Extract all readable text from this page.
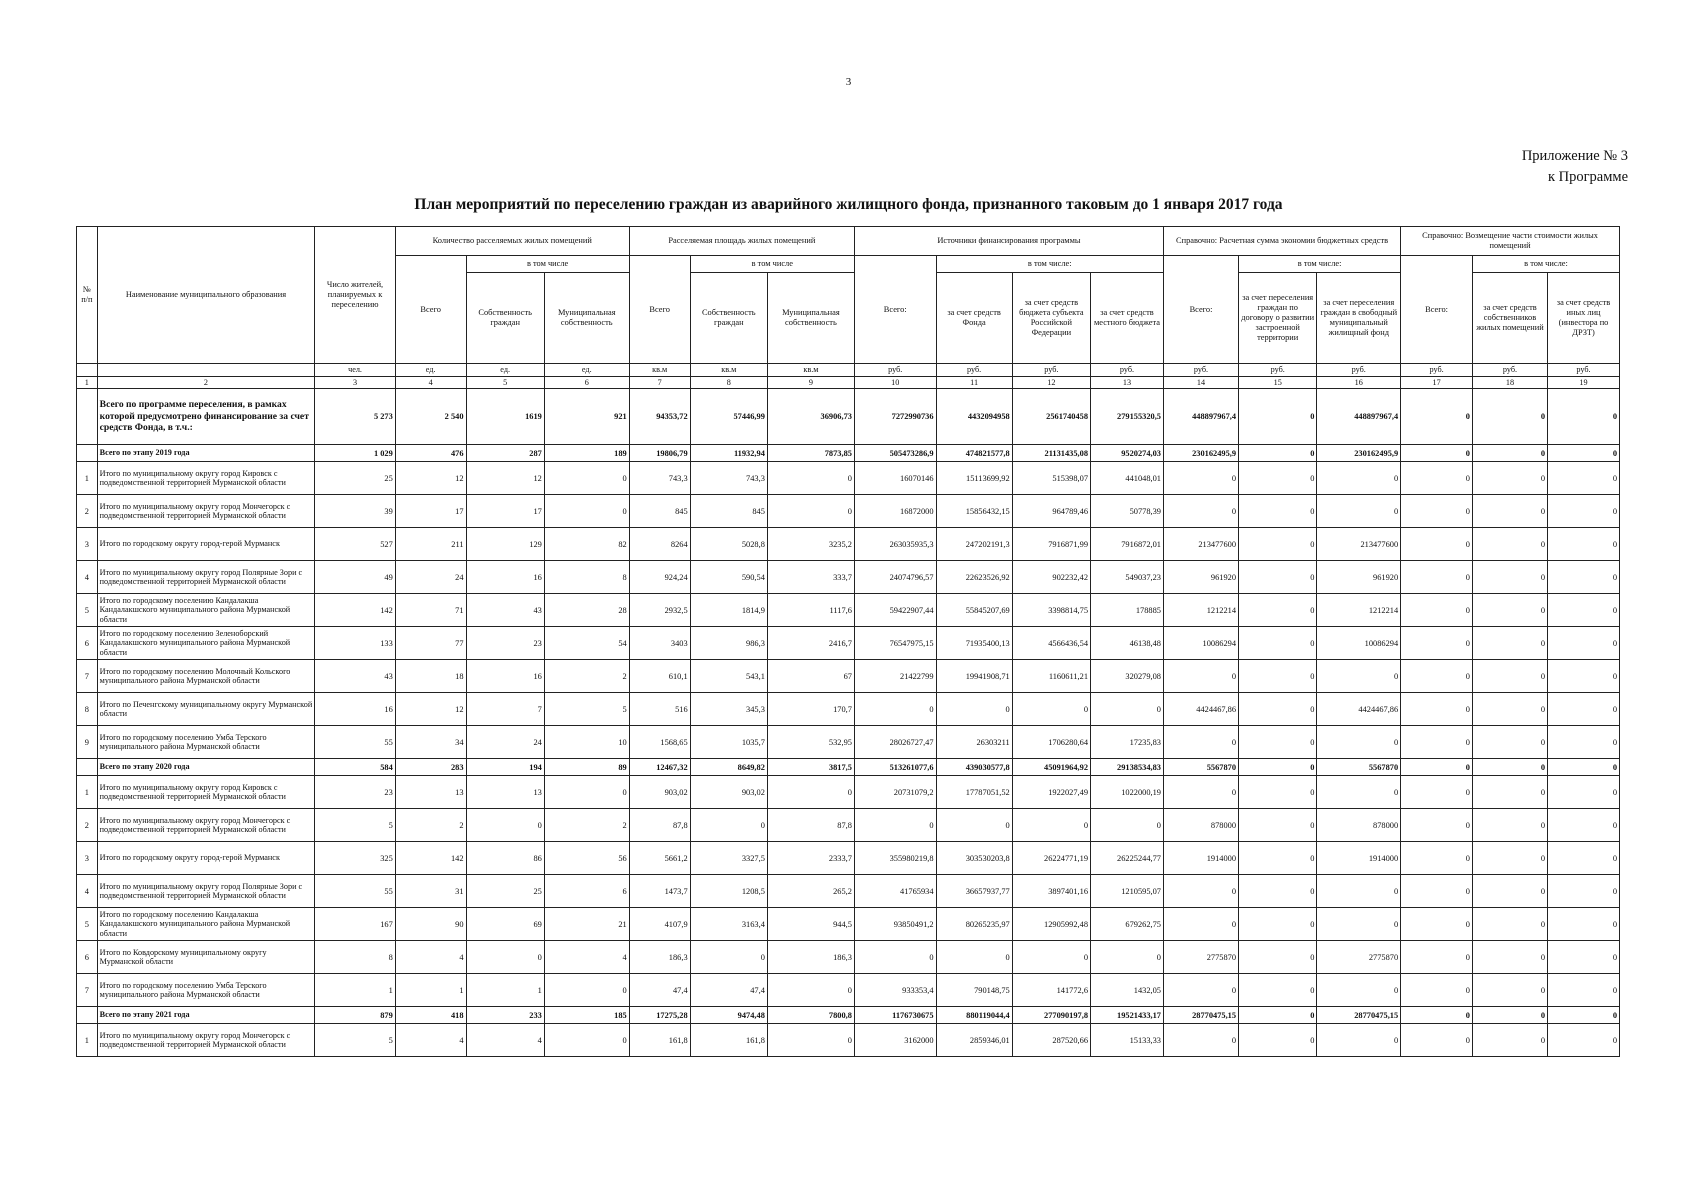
3
Приложение № 3
к Программе
План мероприятий по переселению граждан из аварийного жилищного фонда, признанного таковым до 1 января 2017 года
№ п/п	Наименование муниципального образования	Число жителей, планируемых к переселению	Количество расселяемых жилых помещений			Расселяемая площадь жилых помещений			Источники финансирования программы				Справочно: Расчетная сумма экономии бюджетных средств			Справочно: Возмещение части стоимости жилых помещений		
			Всего	в том числе		Всего	в том числе		Всего:	в том числе:			Всего:	в том числе:		Всего:	в том числе:	
				Собственность граждан	Муниципальная собственность		Собственность граждан	Муниципальная собственность		за счет средств Фонда	за счет средств бюджета субъекта Российской Федерации	за счет средств местного бюджета		за счет переселения граждан по договору о развитии застроенной территории	за счет переселения граждан в свободный муниципальный жилищный фонд		за счет средств собственников жилых помещений	за счет средств иных лиц (инвестора по ДРЗТ)
		чел.	ед.	ед.	ед.	кв.м	кв.м	кв.м	руб.	руб.	руб.	руб.	руб.	руб.	руб.	руб.	руб.	руб.
1	2	3	4	5	6	7	8	9	10	11	12	13	14	15	16	17	18	19
	Всего по программе переселения, в рамках которой предусмотрено финансирование за счет средств Фонда, в т.ч.:	5 273	2 540	1619	921	94353,72	57446,99	36906,73	7272990736	4432094958	2561740458	279155320,5	448897967,4	0	448897967,4	0	0	0
	Всего по этапу 2019 года	1 029	476	287	189	19806,79	11932,94	7873,85	505473286,9	474821577,8	21131435,08	9520274,03	230162495,9	0	230162495,9	0	0	0
1	Итого по муниципальному округу город Кировск с подведомственной территорией Мурманской области	25	12	12	0	743,3	743,3	0	16070146	15113699,92	515398,07	441048,01	0	0	0	0	0	0
2	Итого по муниципальному округу город Мончегорск с подведомственной территорией Мурманской области	39	17	17	0	845	845	0	16872000	15856432,15	964789,46	50778,39	0	0	0	0	0	0
3	Итого по городскому округу город-герой Мурманск	527	211	129	82	8264	5028,8	3235,2	263035935,3	247202191,3	7916871,99	7916872,01	213477600	0	213477600	0	0	0
4	Итого по муниципальному округу город Полярные Зори с подведомственной территорией Мурманской области	49	24	16	8	924,24	590,54	333,7	24074796,57	22623526,92	902232,42	549037,23	961920	0	961920	0	0	0
5	Итого по городскому поселению Кандалакша Кандалакшского муниципального района Мурманской области	142	71	43	28	2932,5	1814,9	1117,6	59422907,44	55845207,69	3398814,75	178885	1212214	0	1212214	0	0	0
6	Итого по городскому поселению Зеленоборский Кандалакшского муниципального района Мурманской области	133	77	23	54	3403	986,3	2416,7	76547975,15	71935400,13	4566436,54	46138,48	10086294	0	10086294	0	0	0
7	Итого по городскому поселению Молочный Кольского муниципального района Мурманской области	43	18	16	2	610,1	543,1	67	21422799	19941908,71	1160611,21	320279,08	0	0	0	0	0	0
8	Итого по Печенгскому муниципальному округу Мурманской области	16	12	7	5	516	345,3	170,7	0	0	0	0	4424467,86	0	4424467,86	0	0	0
9	Итого по городскому поселению Умба Терского муниципального района Мурманской области	55	34	24	10	1568,65	1035,7	532,95	28026727,47	26303211	1706280,64	17235,83	0	0	0	0	0	0
	Всего по этапу 2020 года	584	283	194	89	12467,32	8649,82	3817,5	513261077,6	439030577,8	45091964,92	29138534,83	5567870	0	5567870	0	0	0
1	Итого по муниципальному округу город Кировск с подведомственной территорией Мурманской области	23	13	13	0	903,02	903,02	0	20731079,2	17787051,52	1922027,49	1022000,19	0	0	0	0	0	0
2	Итого по муниципальному округу город Мончегорск с подведомственной территорией Мурманской области	5	2	0	2	87,8	0	87,8	0	0	0	0	878000	0	878000	0	0	0
3	Итого по городскому округу город-герой Мурманск	325	142	86	56	5661,2	3327,5	2333,7	355980219,8	303530203,8	26224771,19	26225244,77	1914000	0	1914000	0	0	0
4	Итого по муниципальному округу город Полярные Зори с подведомственной территорией Мурманской области	55	31	25	6	1473,7	1208,5	265,2	41765934	36657937,77	3897401,16	1210595,07	0	0	0	0	0	0
5	Итого по городскому поселению Кандалакша Кандалакшского муниципального района Мурманской области	167	90	69	21	4107,9	3163,4	944,5	93850491,2	80265235,97	12905992,48	679262,75	0	0	0	0	0	0
6	Итого по Ковдорскому муниципальному округу Мурманской области	8	4	0	4	186,3	0	186,3	0	0	0	0	2775870	0	2775870	0	0	0
7	Итого по городскому поселению Умба Терского муниципального района Мурманской области	1	1	1	0	47,4	47,4	0	933353,4	790148,75	141772,6	1432,05	0	0	0	0	0	0
	Всего по этапу 2021 года	879	418	233	185	17275,28	9474,48	7800,8	1176730675	880119044,4	277090197,8	19521433,17	28770475,15	0	28770475,15	0	0	0
1	Итого по муниципальному округу город Мончегорск с подведомственной территорией Мурманской области	5	4	4	0	161,8	161,8	0	3162000	2859346,01	287520,66	15133,33	0	0	0	0	0	0
